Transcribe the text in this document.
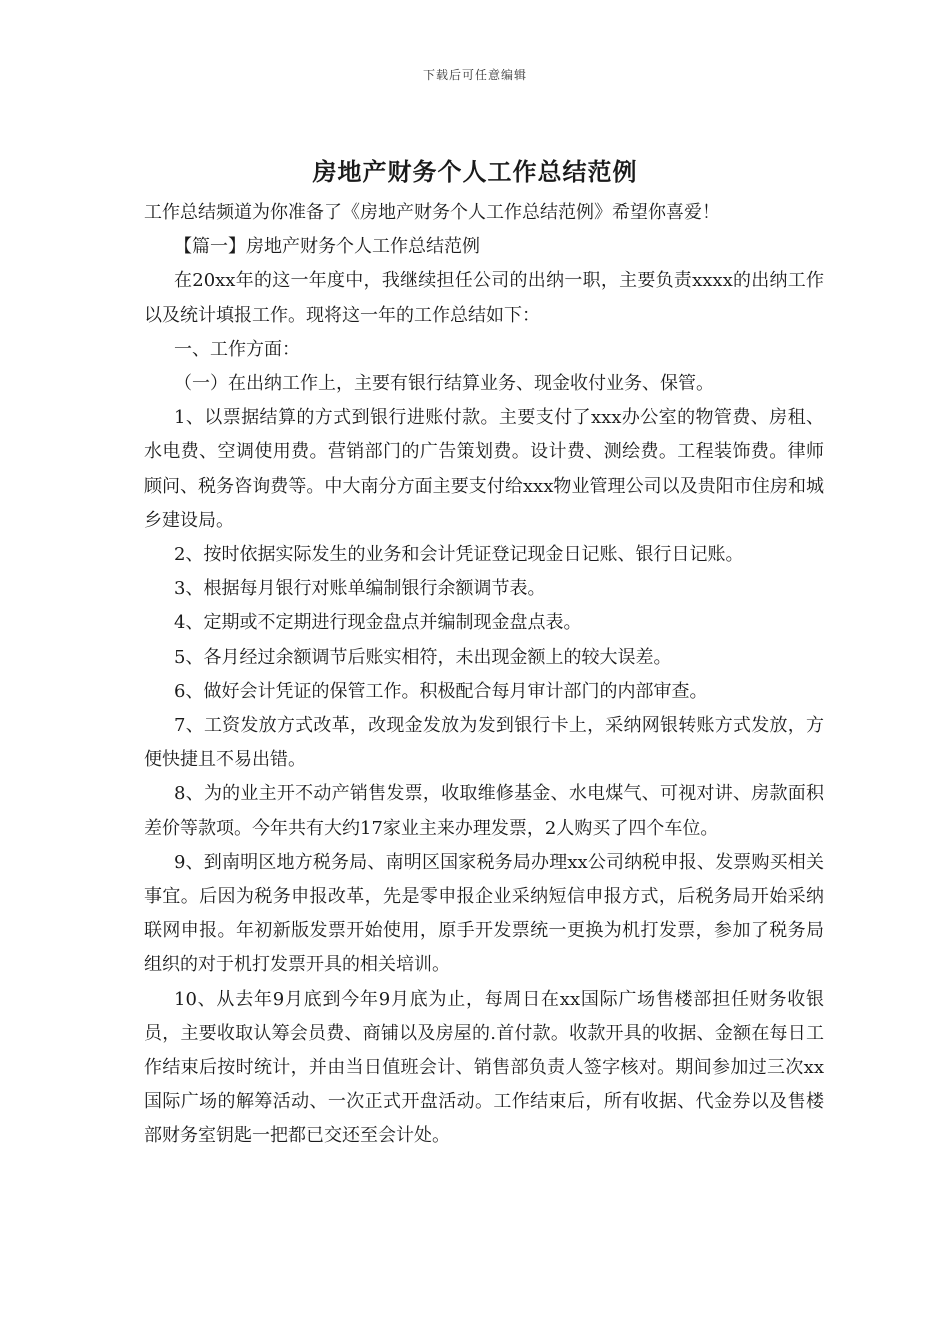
下载后可任意编辑
房地产财务个人工作总结范例

工作总结频道为你准备了《房地产财务个人工作总结范例》希望你喜爱！

【篇一】房地产财务个人工作总结范例

在20xx年的这一年度中，我继续担任公司的出纳一职，主要负责xxxx的出纳工作以及统计填报工作。现将这一年的工作总结如下：

一、工作方面：

（一）在出纳工作上，主要有银行结算业务、现金收付业务、保管。

1、以票据结算的方式到银行进账付款。主要支付了xxx办公室的物管费、房租、水电费、空调使用费。营销部门的广告策划费。设计费、测绘费。工程装饰费。律师顾问、税务咨询费等。中大南分方面主要支付给xxx物业管理公司以及贵阳市住房和城乡建设局。

2、按时依据实际发生的业务和会计凭证登记现金日记账、银行日记账。

3、根据每月银行对账单编制银行余额调节表。

4、定期或不定期进行现金盘点并编制现金盘点表。

5、各月经过余额调节后账实相符，未出现金额上的较大误差。

6、做好会计凭证的保管工作。积极配合每月审计部门的内部审查。

7、工资发放方式改革，改现金发放为发到银行卡上，采纳网银转账方式发放，方便快捷且不易出错。

8、为的业主开不动产销售发票，收取维修基金、水电煤气、可视对讲、房款面积差价等款项。今年共有大约17家业主来办理发票，2人购买了四个车位。

9、到南明区地方税务局、南明区国家税务局办理xx公司纳税申报、发票购买相关事宜。后因为税务申报改革，先是零申报企业采纳短信申报方式，后税务局开始采纳联网申报。年初新版发票开始使用，原手开发票统一更换为机打发票，参加了税务局组织的对于机打发票开具的相关培训。

10、从去年9月底到今年9月底为止，每周日在xx国际广场售楼部担任财务收银员，主要收取认筹会员费、商铺以及房屋的.首付款。收款开具的收据、金额在每日工作结束后按时统计，并由当日值班会计、销售部负责人签字核对。期间参加过三次xx国际广场的解筹活动、一次正式开盘活动。工作结束后，所有收据、代金券以及售楼部财务室钥匙一把都已交还至会计处。
